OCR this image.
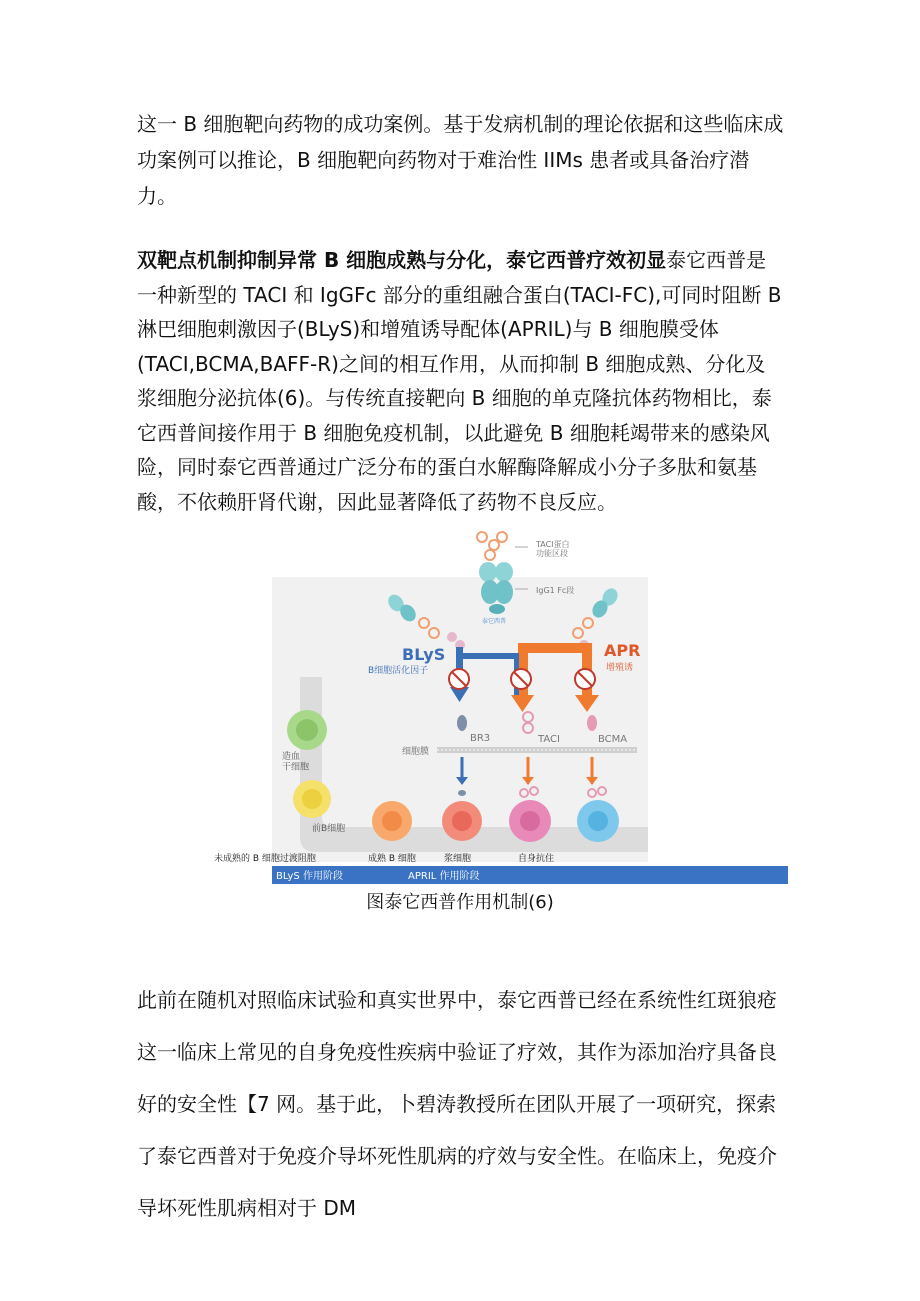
这一 B 细胞靶向药物的成功案例。基于发病机制的理论依据和这些临床成功案例可以推论，B 细胞靶向药物对于难治性 IIMs 患者或具备治疗潜力。

双靶点机制抑制异常 B 细胞成熟与分化，泰它西普疗效初显泰它西普是一种新型的 TACI 和 IgGFc 部分的重组融合蛋白(TACI-FC),可同时阻断 B 淋巴细胞刺激因子(BLyS)和增殖诱导配体(APRIL)与 B 细胞膜受体(TACI,BCMA,BAFF-R)之间的相互作用，从而抑制 B 细胞成熟、分化及浆细胞分泌抗体(6)。与传统直接靶向 B 细胞的单克隆抗体药物相比，泰它西普间接作用于 B 细胞免疫机制，以此避免 B 细胞耗竭带来的感染风险，同时泰它西普通过广泛分布的蛋白水解酶降解成小分子多肽和氨基酸，不依赖肝肾代谢，因此显著降低了药物不良反应。

TACI蛋白功能区段
IgG1 Fc段
泰它西普
BLyS
B细胞活化因子
APR
增殖诱
BR3	TACI	BCMA
细胞膜
造血干细胞
前B细胞
未成熟的 B 细胞过渡阻胞	成熟 B 细胞	浆细胞	自身抗住
BLyS 作用阶段	APRIL 作用阶段
图泰它西普作用机制(6)

此前在随机对照临床试验和真实世界中，泰它西普已经在系统性红斑狼疮这一临床上常见的自身免疫性疾病中验证了疗效，其作为添加治疗具备良好的安全性【7 网。基于此，卜碧涛教授所在团队开展了一项研究，探索了泰它西普对于免疫介导坏死性肌病的疗效与安全性。在临床上，免疫介导坏死性肌病相对于 DM
